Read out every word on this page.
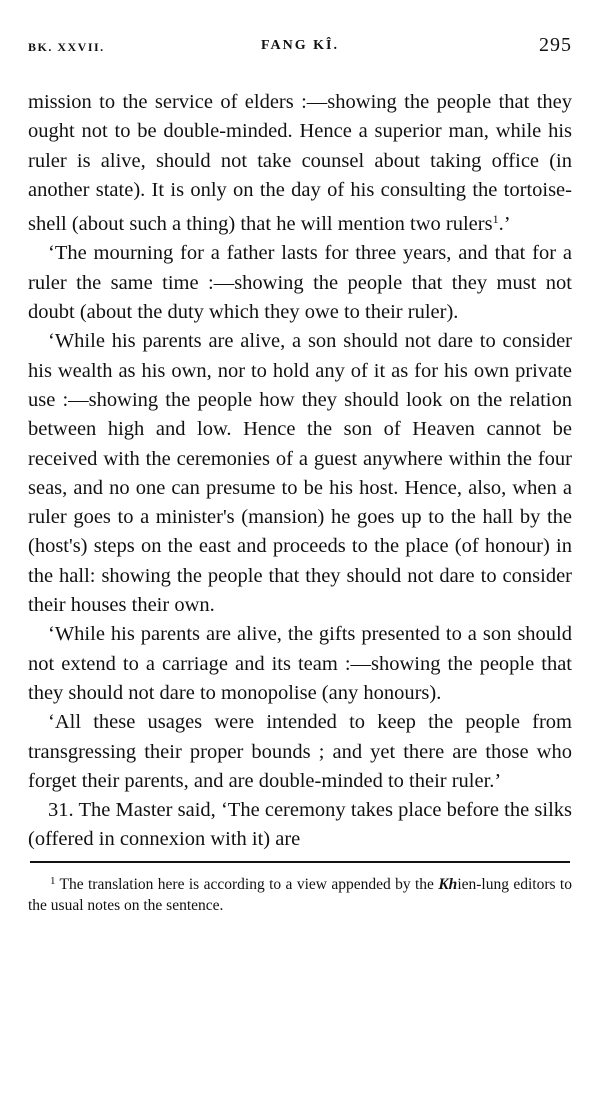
BK. XXVII.	FANG KÎ.	295

mission to the service of elders :—showing the people that they ought not to be double-minded. Hence a superior man, while his ruler is alive, should not take counsel about taking office (in another state). It is only on the day of his consulting the tortoise-shell (about such a thing) that he will mention two rulers$^1$.’

‘The mourning for a father lasts for three years, and that for a ruler the same time :—showing the people that they must not doubt (about the duty which they owe to their ruler).

‘While his parents are alive, a son should not dare to consider his wealth as his own, nor to hold any of it as for his own private use :—showing the people how they should look on the relation between high and low. Hence the son of Heaven cannot be received with the ceremonies of a guest anywhere within the four seas, and no one can presume to be his host. Hence, also, when a ruler goes to a minister's (mansion) he goes up to the hall by the (host's) steps on the east and proceeds to the place (of honour) in the hall: showing the people that they should not dare to consider their houses their own.

‘While his parents are alive, the gifts presented to a son should not extend to a carriage and its team :—showing the people that they should not dare to monopolise (any honours).

‘All these usages were intended to keep the people from transgressing their proper bounds ; and yet there are those who forget their parents, and are double-minded to their ruler.’

31. The Master said, ‘The ceremony takes place before the silks (offered in connexion with it) are

$^1$ The translation here is according to a view appended by the Khien-lung editors to the usual notes on the sentence.
